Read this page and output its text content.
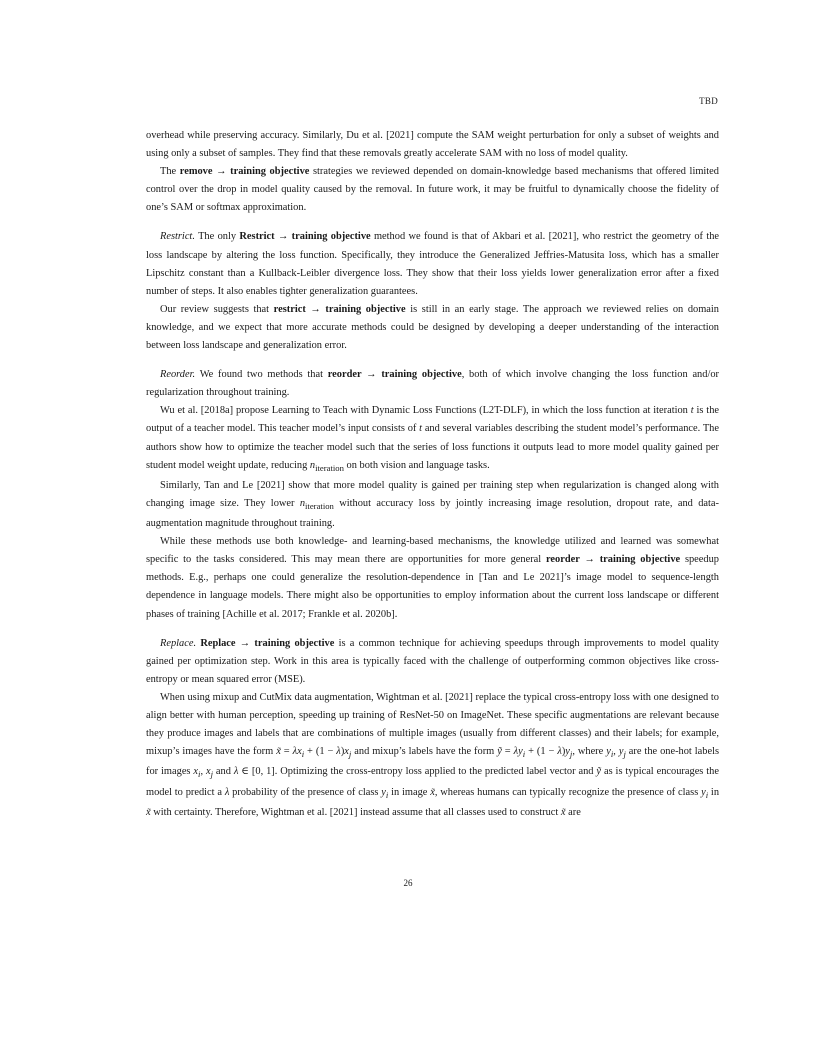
TBD

overhead while preserving accuracy. Similarly, Du et al. [2021] compute the SAM weight perturbation for only a subset of weights and using only a subset of samples. They find that these removals greatly accelerate SAM with no loss of model quality.

The remove → training objective strategies we reviewed depended on domain-knowledge based mechanisms that offered limited control over the drop in model quality caused by the removal. In future work, it may be fruitful to dynamically choose the fidelity of one’s SAM or softmax approximation.

Restrict. The only Restrict → training objective method we found is that of Akbari et al. [2021], who restrict the geometry of the loss landscape by altering the loss function. Specifically, they introduce the Generalized Jeffries-Matusita loss, which has a smaller Lipschitz constant than a Kullback-Leibler divergence loss. They show that their loss yields lower generalization error after a fixed number of steps. It also enables tighter generalization guarantees.

Our review suggests that restrict → training objective is still in an early stage. The approach we reviewed relies on domain knowledge, and we expect that more accurate methods could be designed by developing a deeper understanding of the interaction between loss landscape and generalization error.

Reorder. We found two methods that reorder → training objective, both of which involve changing the loss function and/or regularization throughout training.

Wu et al. [2018a] propose Learning to Teach with Dynamic Loss Functions (L2T-DLF), in which the loss function at iteration t is the output of a teacher model. This teacher model’s input consists of t and several variables describing the student model’s performance. The authors show how to optimize the teacher model such that the series of loss functions it outputs lead to more model quality gained per student model weight update, reducing $n_{iteration}$ on both vision and language tasks.

Similarly, Tan and Le [2021] show that more model quality is gained per training step when regularization is changed along with changing image size. They lower $n_{iteration}$ without accuracy loss by jointly increasing image resolution, dropout rate, and data-augmentation magnitude throughout training.

While these methods use both knowledge- and learning-based mechanisms, the knowledge utilized and learned was somewhat specific to the tasks considered. This may mean there are opportunities for more general reorder → training objective speedup methods. E.g., perhaps one could generalize the resolution-dependence in [Tan and Le 2021]’s image model to sequence-length dependence in language models. There might also be opportunities to employ information about the current loss landscape or different phases of training [Achille et al. 2017; Frankle et al. 2020b].

Replace. Replace → training objective is a common technique for achieving speedups through improvements to model quality gained per optimization step. Work in this area is typically faced with the challenge of outperforming common objectives like cross-entropy or mean squared error (MSE).

When using mixup and CutMix data augmentation, Wightman et al. [2021] replace the typical cross-entropy loss with one designed to align better with human perception, speeding up training of ResNet-50 on ImageNet. These specific augmentations are relevant because they produce images and labels that are combinations of multiple images (usually from different classes) and their labels; for example, mixup’s images have the form x̃ = $\lambda x_i + (1 - \lambda)x_j$ and mixup’s labels have the form ỹ = $\lambda y_i + (1 - \lambda)y_j$, where $y_i$, $y_j$ are the one-hot labels for images $x_i$, $x_j$ and λ ∈ [0, 1]. Optimizing the cross-entropy loss applied to the predicted label vector and ỹ as is typical encourages the model to predict a λ probability of the presence of class $y_i$ in image x̃, whereas humans can typically recognize the presence of class $y_i$ in x̃ with certainty. Therefore, Wightman et al. [2021] instead assume that all classes used to construct x̃ are

26
